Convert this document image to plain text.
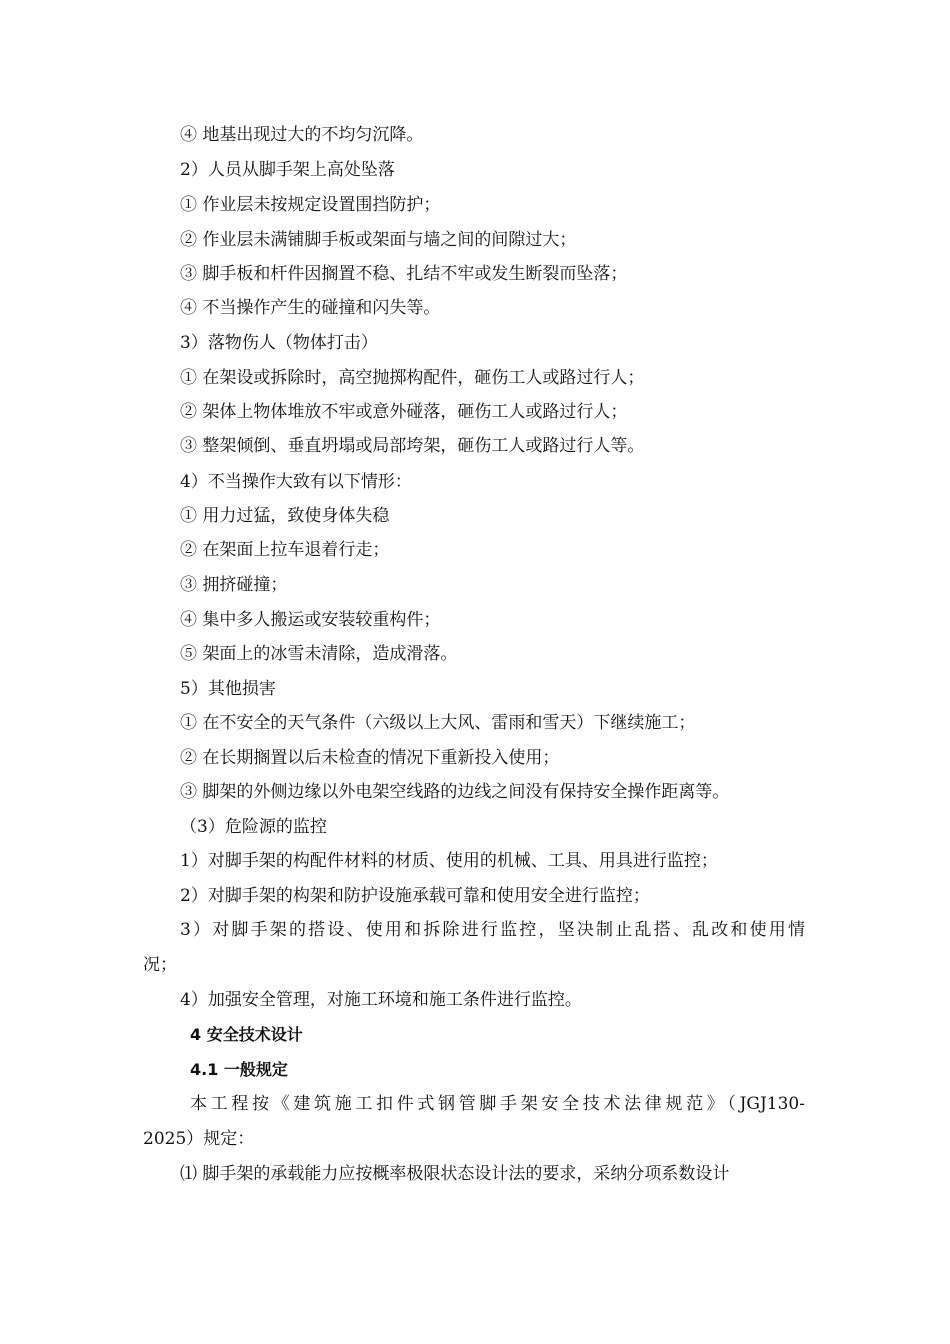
④ 地基出现过大的不均匀沉降。
2）人员从脚手架上高处坠落
① 作业层未按规定设置围挡防护；
② 作业层未满铺脚手板或架面与墙之间的间隙过大；
③ 脚手板和杆件因搁置不稳、扎结不牢或发生断裂而坠落；
④ 不当操作产生的碰撞和闪失等。
3）落物伤人（物体打击）
① 在架设或拆除时，高空抛掷构配件，砸伤工人或路过行人；
② 架体上物体堆放不牢或意外碰落，砸伤工人或路过行人；
③ 整架倾倒、垂直坍塌或局部垮架，砸伤工人或路过行人等。
4）不当操作大致有以下情形：
① 用力过猛，致使身体失稳
② 在架面上拉车退着行走；
③ 拥挤碰撞；
④ 集中多人搬运或安装较重构件；
⑤ 架面上的冰雪未清除，造成滑落。
5）其他损害
① 在不安全的天气条件（六级以上大风、雷雨和雪天）下继续施工；
② 在长期搁置以后未检查的情况下重新投入使用；
③ 脚架的外侧边缘以外电架空线路的边线之间没有保持安全操作距离等。
（3）危险源的监控
1）对脚手架的构配件材料的材质、使用的机械、工具、用具进行监控；
2）对脚手架的构架和防护设施承载可靠和使用安全进行监控；
3）对脚手架的搭设、使用和拆除进行监控，坚决制止乱搭、乱改和使用情
况；
4）加强安全管理，对施工环境和施工条件进行监控。
4 安全技术设计
4.1 一般规定
本工程按《建筑施工扣件式钢管脚手架安全技术法律规范》（JGJ130-
2025）规定：
⑴ 脚手架的承载能力应按概率极限状态设计法的要求，采纳分项系数设计
